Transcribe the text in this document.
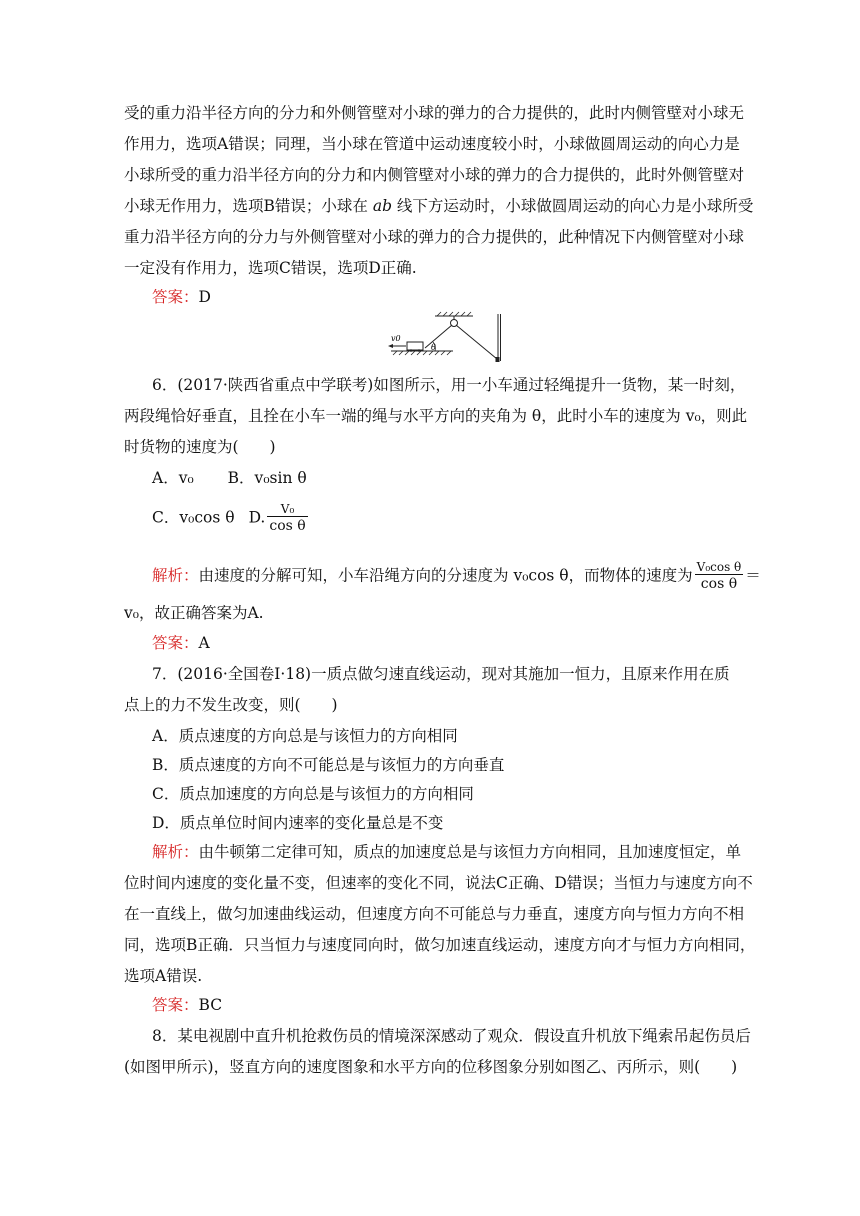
受的重力沿半径方向的分力和外侧管壁对小球的弹力的合力提供的，此时内侧管壁对小球无
作用力，选项A错误；同理，当小球在管道中运动速度较小时，小球做圆周运动的向心力是
小球所受的重力沿半径方向的分力和内侧管壁对小球的弹力的合力提供的，此时外侧管壁对
小球无作用力，选项B错误；小球在 ab 线下方运动时，小球做圆周运动的向心力是小球所受
重力沿半径方向的分力与外侧管壁对小球的弹力的合力提供的，此种情况下内侧管壁对小球
一定没有作用力，选项C错误，选项D正确.
答案：D
v0
θ
6．(2017·陕西省重点中学联考)如图所示，用一小车通过轻绳提升一货物，某一时刻，
两段绳恰好垂直，且拴在小车一端的绳与水平方向的夹角为 θ，此时小车的速度为 v₀，则此
时货物的速度为(　　)
A．v₀ B．v₀sin θ
C．v₀cos θ D. $\frac{\text{V₀}}{\text{cos θ}}$
解析：由速度的分解可知，小车沿绳方向的分速度为 v₀cos θ，而物体的速度为 $\frac{\text{V₀cos θ}}{\text{cos θ}}$ ＝
v₀，故正确答案为A.
答案：A
7．(2016·全国卷Ⅰ·18)一质点做匀速直线运动，现对其施加一恒力，且原来作用在质
点上的力不发生改变，则(　　)
A．质点速度的方向总是与该恒力的方向相同
B．质点速度的方向不可能总是与该恒力的方向垂直
C．质点加速度的方向总是与该恒力的方向相同
D．质点单位时间内速率的变化量总是不变
解析：由牛顿第二定律可知，质点的加速度总是与该恒力方向相同，且加速度恒定，单
位时间内速度的变化量不变，但速率的变化不同，说法C正确、D错误；当恒力与速度方向不
在一直线上，做匀加速曲线运动，但速度方向不可能总与力垂直，速度方向与恒力方向不相
同，选项B正确．只当恒力与速度同向时，做匀加速直线运动，速度方向才与恒力方向相同，
选项A错误.
答案：BC
8．某电视剧中直升机抢救伤员的情境深深感动了观众．假设直升机放下绳索吊起伤员后
(如图甲所示)，竖直方向的速度图象和水平方向的位移图象分别如图乙、丙所示，则(　　)
